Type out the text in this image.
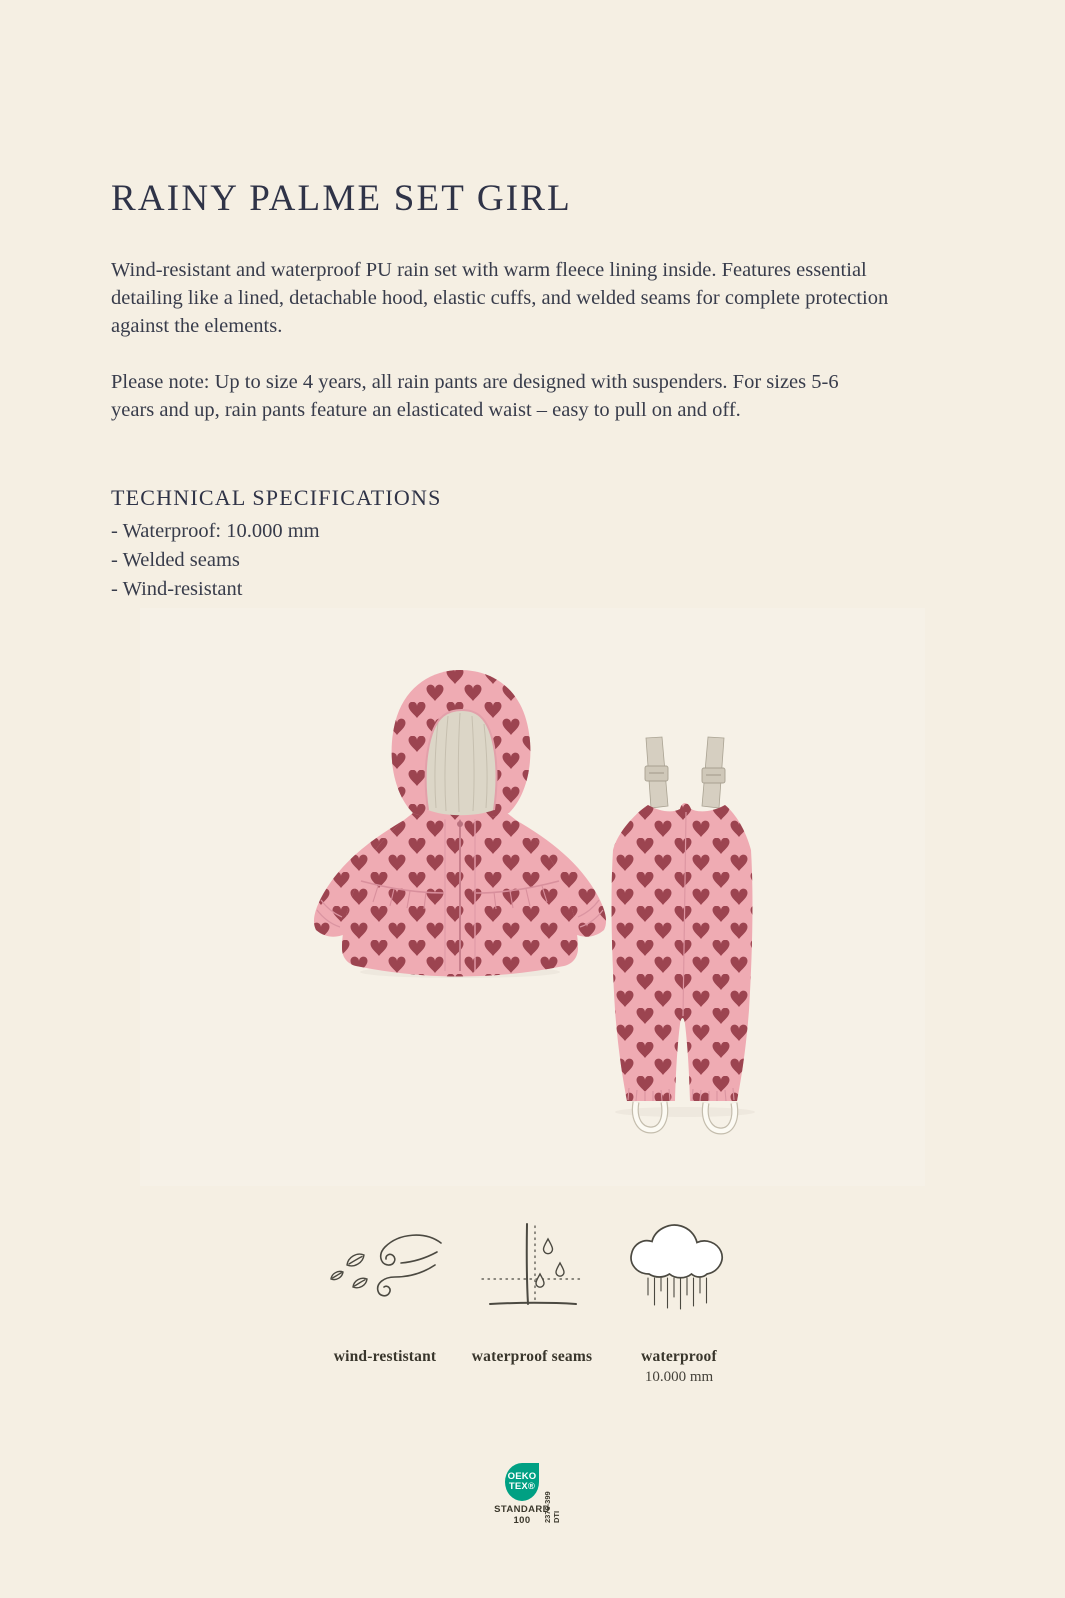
RAINY PALME SET GIRL
Wind-resistant and waterproof PU rain set with warm fleece lining inside. Features essential
detailing like a lined, detachable hood, elastic cuffs, and welded seams for complete protection
against the elements.
Please note: Up to size 4 years, all rain pants are designed with suspenders. For sizes 5-6
years and up, rain pants feature an elasticated waist – easy to pull on and off.
TECHNICAL SPECIFICATIONS
- Waterproof: 10.000 mm
- Welded seams
- Wind-resistant
wind-restistant	waterproof seams	waterproof
10.000 mm
OEKO
TEX®
STANDARD
100	2376-399 DTI
